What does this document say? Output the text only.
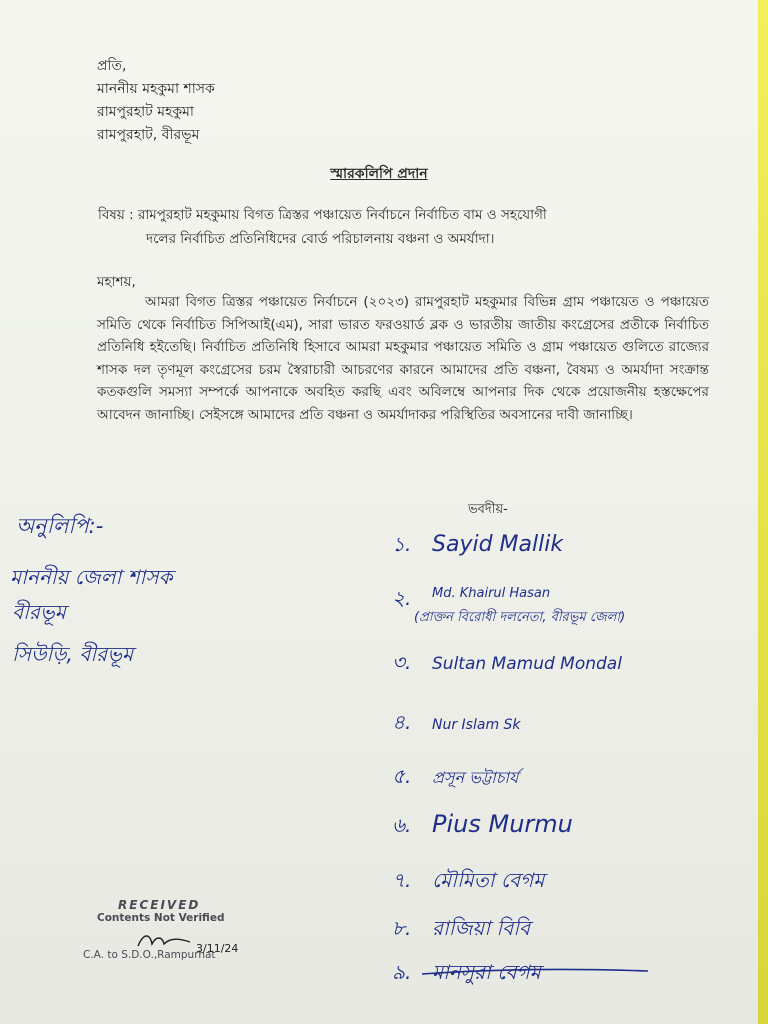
প্রতি,
মাননীয় মহকুমা শাসক
রামপুরহাট মহকুমা
রামপুরহাট, বীরভূম
স্মারকলিপি প্রদান
বিষয় : রামপুরহাট মহকুমায় বিগত ত্রিস্তর পঞ্চায়েত নির্বাচনে নির্বাচিত বাম ও সহযোগী
দলের নির্বাচিত প্রতিনিধিদের বোর্ড পরিচালনায় বঞ্চনা ও অমর্যাদা।
মহাশয়,
আমরা বিগত ত্রিস্তর পঞ্চায়েত নির্বাচনে (২০২৩) রামপুরহাট মহকুমার বিভিন্ন গ্রাম পঞ্চায়েত ও পঞ্চায়েত সমিতি থেকে নির্বাচিত সিপিআই(এম), সারা ভারত ফরওয়ার্ড ব্লক ও ভারতীয় জাতীয় কংগ্রেসের প্রতীকে নির্বাচিত প্রতিনিধি হইতেছি। নির্বাচিত প্রতিনিধি হিসাবে আমরা মহকুমার পঞ্চায়েত সমিতি ও গ্রাম পঞ্চায়েত গুলিতে রাজ্যের শাসক দল তৃণমূল কংগ্রেসের চরম স্বৈরাচারী আচরণের কারনে আমাদের প্রতি বঞ্চনা, বৈষম্য ও অমর্যাদা সংক্রান্ত কতকগুলি সমস্যা সম্পর্কে আপনাকে অবহিত করছি এবং অবিলম্বে আপনার দিক থেকে প্রয়োজনীয় হস্তক্ষেপের আবেদন জানাচ্ছি। সেইসঙ্গে আমাদের প্রতি বঞ্চনা ও অমর্যাদাকর পরিস্থিতির অবসানের দাবী জানাচ্ছি।
ভবদীয়-
অনুলিপি:-
মাননীয় জেলা শাসক
বীরভূম
সিউড়ি, বীরভূম
১. Sayid Mallik
২. $^{Md. Khairul Hasan}$
(প্রাক্তন বিরোধী দলনেতা, বীরভূম জেলা)
৩. Sultan Mamud Mondal
৪. Nur Islam Sk
৫. প্রসূন ভট্টাচার্য
৬. Pius Murmu
৭. মৌমিতা বেগম
৮. রাজিয়া বিবি
৯. মানসুরা বেগম
RECEIVED
Contents Not Verified
C.A. to S.D.O.,Rampurhat
3/11/24
